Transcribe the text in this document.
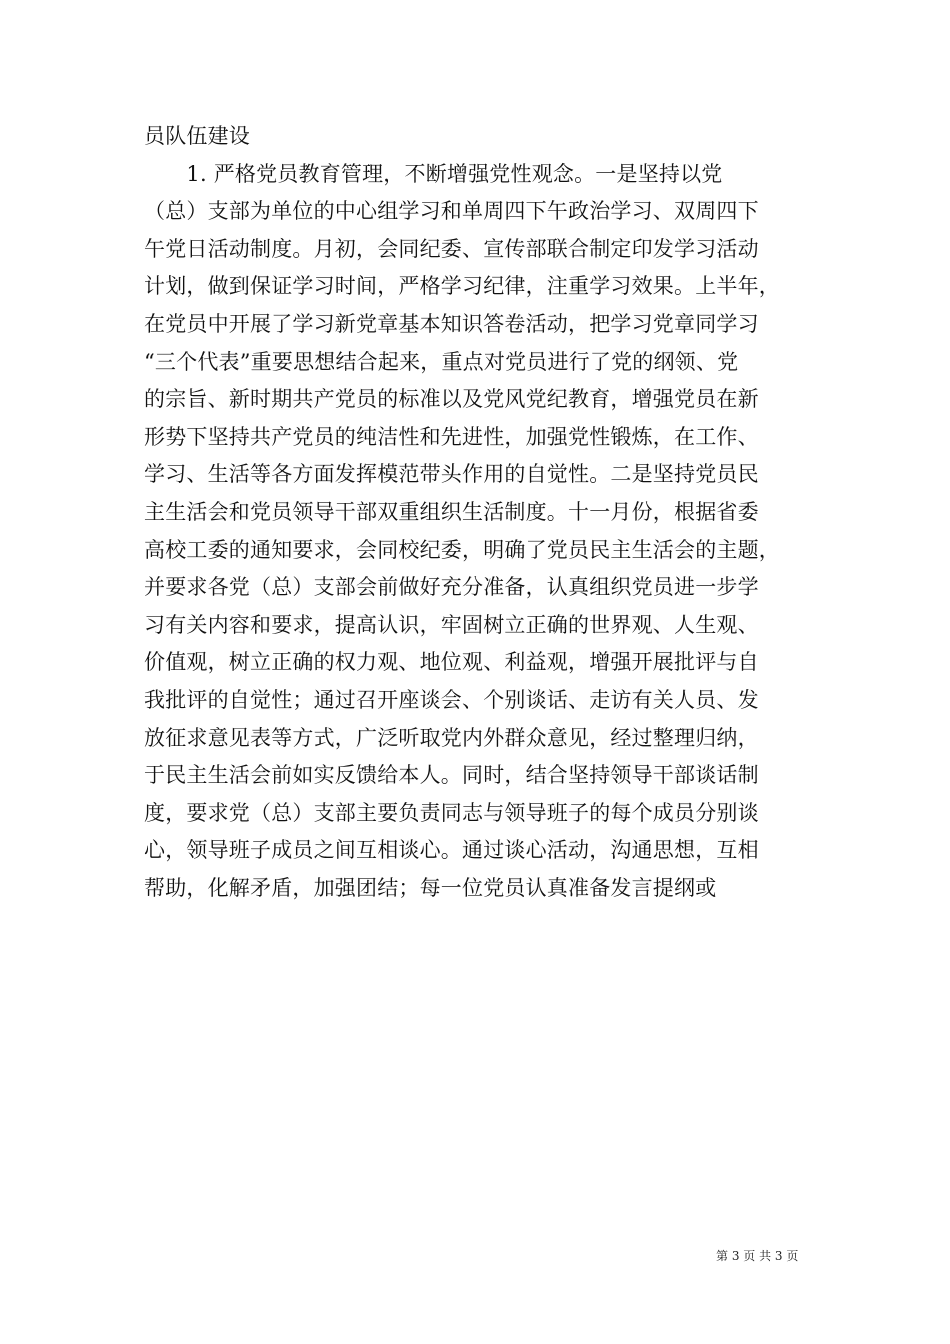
员队伍建设
　　1. 严格党员教育管理，不断增强党性观念。一是坚持以党
（总）支部为单位的中心组学习和单周四下午政治学习、双周四下
午党日活动制度。月初，会同纪委、宣传部联合制定印发学习活动
计划，做到保证学习时间，严格学习纪律，注重学习效果。上半年，
在党员中开展了学习新党章基本知识答卷活动，把学习党章同学习
“三个代表”重要思想结合起来，重点对党员进行了党的纲领、党
的宗旨、新时期共产党员的标准以及党风党纪教育，增强党员在新
形势下坚持共产党员的纯洁性和先进性，加强党性锻炼，在工作、
学习、生活等各方面发挥模范带头作用的自觉性。二是坚持党员民
主生活会和党员领导干部双重组织生活制度。十一月份，根据省委
高校工委的通知要求，会同校纪委，明确了党员民主生活会的主题，
并要求各党（总）支部会前做好充分准备，认真组织党员进一步学
习有关内容和要求，提高认识，牢固树立正确的世界观、人生观、
价值观，树立正确的权力观、地位观、利益观，增强开展批评与自
我批评的自觉性；通过召开座谈会、个别谈话、走访有关人员、发
放征求意见表等方式，广泛听取党内外群众意见，经过整理归纳，
于民主生活会前如实反馈给本人。同时，结合坚持领导干部谈话制
度，要求党（总）支部主要负责同志与领导班子的每个成员分别谈
心，领导班子成员之间互相谈心。通过谈心活动，沟通思想，互相
帮助，化解矛盾，加强团结；每一位党员认真准备发言提纲或
第 3 页 共 3 页
